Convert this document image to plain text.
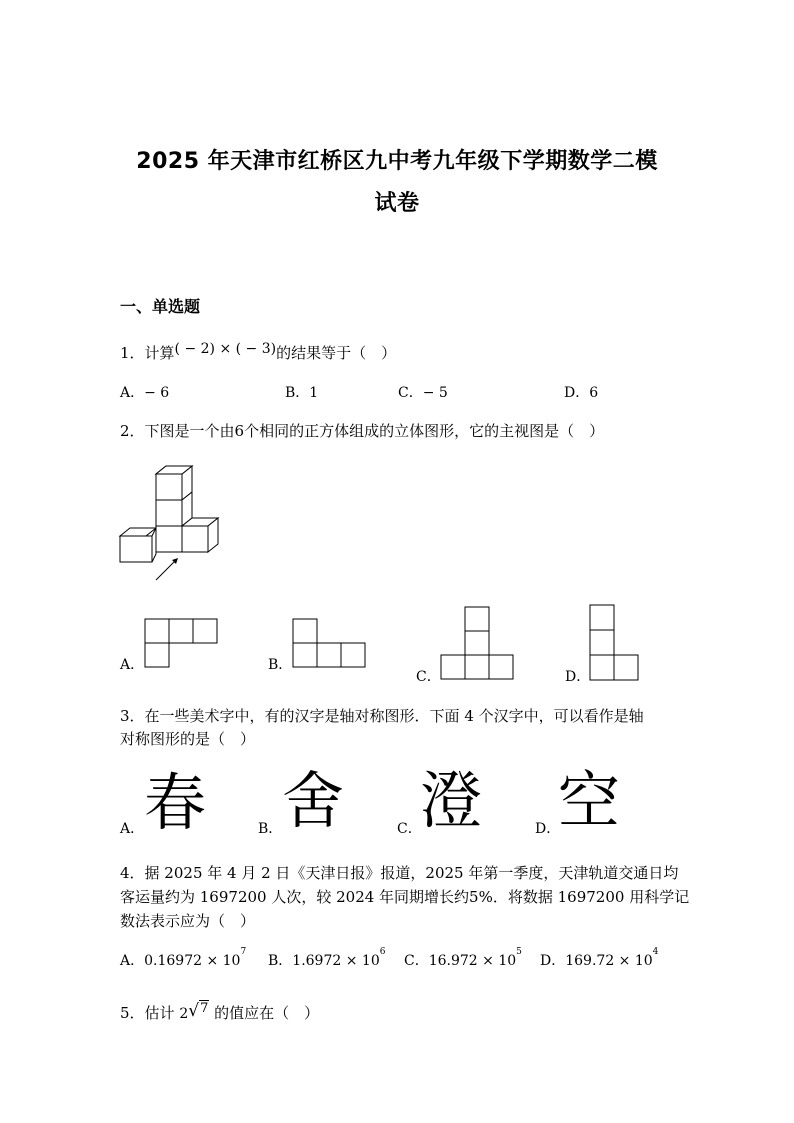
2025 年天津市红桥区九中考九年级下学期数学二模
试卷
一、单选题
1．计算( − 2) × ( − 3)的结果等于（　）
A．− 6	B．1	C．− 5	D．6
2．下图是一个由6个相同的正方体组成的立体图形，它的主视图是（　）
A．	B．
C．	D．
3．在一些美术字中，有的汉字是轴对称图形．下面 4 个汉字中，可以看作是轴
对称图形的是（　）
A． 春	B． 舍	C．
澄	D．
空
4．据 2025 年 4 月 2 日《天津日报》报道，2025 年第一季度，天津轨道交通日均
客运量约为 1697200 人次，较 2024 年同期增长约5%．将数据 1697200 用科学记
数法表示应为（　）
A．$0.16972 \times 10^7$
B．$1.6972 \times 10^6$
C．$16.972 \times 10^5$
D．$169.72 \times 10^4$
5．估计 2√7 的值应在（　）
